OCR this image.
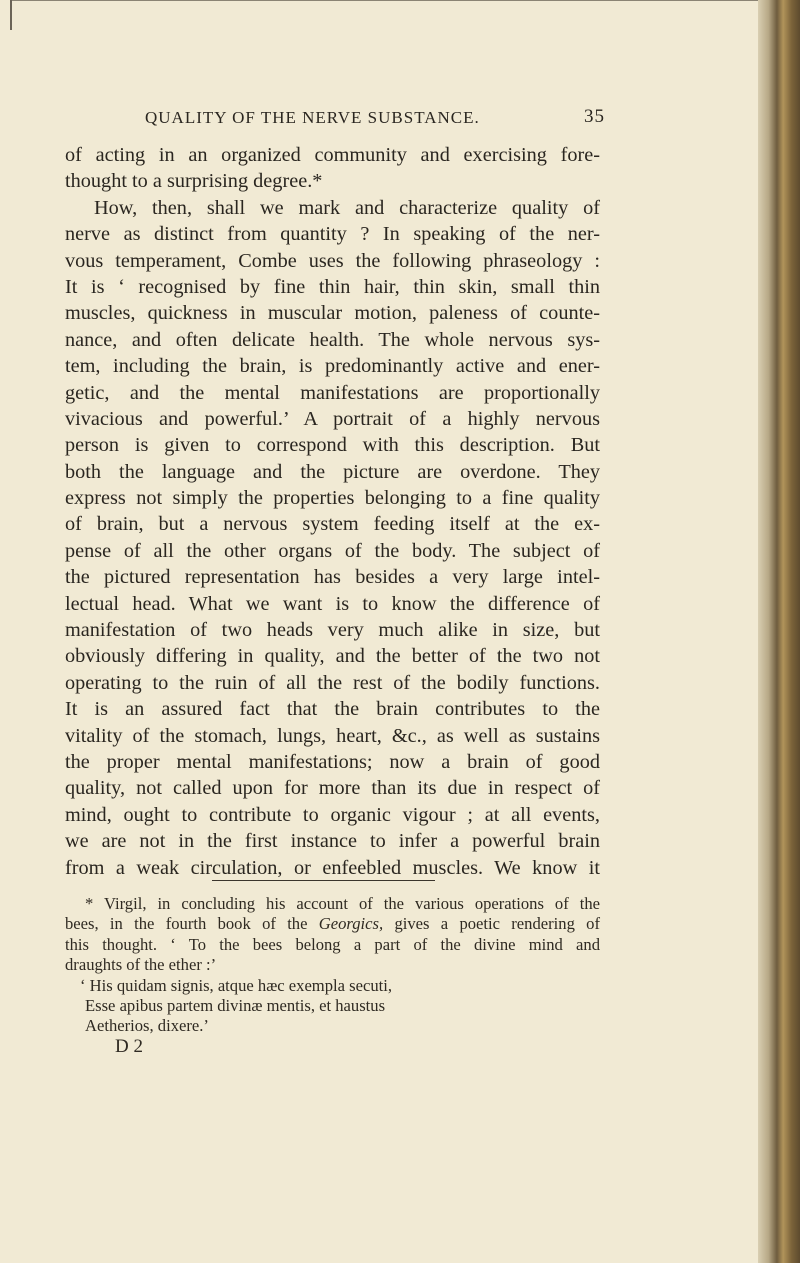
QUALITY OF THE NERVE SUBSTANCE.	35
of acting in an organized community and exercising fore-
thought to a surprising degree.*
How, then, shall we mark and characterize quality of
nerve as distinct from quantity ? In speaking of the ner-
vous temperament, Combe uses the following phraseology :
It is ‘ recognised by fine thin hair, thin skin, small thin
muscles, quickness in muscular motion, paleness of counte-
nance, and often delicate health. The whole nervous sys-
tem, including the brain, is predominantly active and ener-
getic, and the mental manifestations are proportionally
vivacious and powerful.’ A portrait of a highly nervous
person is given to correspond with this description. But
both the language and the picture are overdone. They
express not simply the properties belonging to a fine quality
of brain, but a nervous system feeding itself at the ex-
pense of all the other organs of the body. The subject of
the pictured representation has besides a very large intel-
lectual head. What we want is to know the difference of
manifestation of two heads very much alike in size, but
obviously differing in quality, and the better of the two not
operating to the ruin of all the rest of the bodily functions.
It is an assured fact that the brain contributes to the
vitality of the stomach, lungs, heart, &c., as well as sustains
the proper mental manifestations; now a brain of good
quality, not called upon for more than its due in respect of
mind, ought to contribute to organic vigour ; at all events,
we are not in the first instance to infer a powerful brain
from a weak circulation, or enfeebled muscles. We know it
* Virgil, in concluding his account of the various operations of the
bees, in the fourth book of the Georgics, gives a poetic rendering of
this thought. ‘ To the bees belong a part of the divine mind and
draughts of the ether :’
‘ His quidam signis, atque hæc exempla secuti,
Esse apibus partem divinæ mentis, et haustus
Aetherios, dixere.’
D 2
